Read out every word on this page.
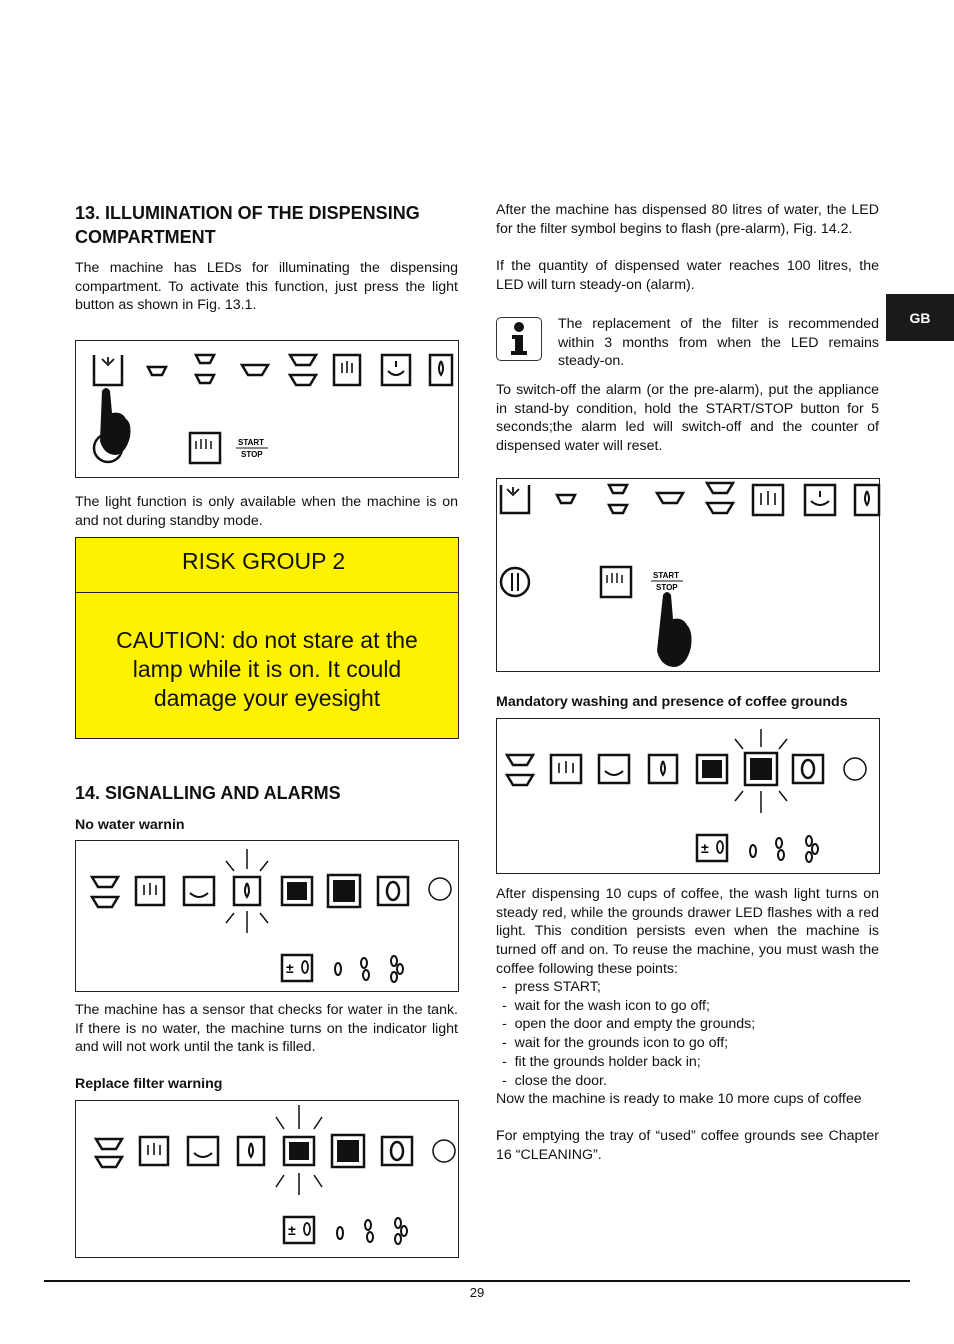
GB
13. ILLUMINATION OF THE DISPENSING
COMPARTMENT
The machine has LEDs for illuminating the dispensing compartment. To activate this function, just press the light button as shown in Fig. 13.1.
START
STOP
The light function is only available when the machine is on and not during standby mode.
RISK GROUP 2
CAUTION: do not stare at the
lamp while it is on. It could
damage your eyesight
14. SIGNALLING AND ALARMS
No water warnin
±
The machine has a sensor that checks for water in the tank. If there is no water, the machine turns on the indicator light and will not work until the tank is filled.
Replace filter warning
±
After the machine has dispensed 80 litres of water, the LED for the filter symbol begins to flash (pre-alarm), Fig. 14.2.
If the quantity of dispensed water reaches 100 litres, the LED will turn steady-on (alarm).
The replacement of the filter is recommended within 3 months from when the LED remains steady-on.
To switch-off the alarm (or the pre-alarm), put the appliance in stand-by condition, hold the START/STOP button for 5 seconds;the alarm led will switch-off and the counter of dispensed water will reset.
START
STOP
Mandatory washing and presence of coffee grounds
±
After dispensing 10 cups of coffee, the wash light turns on steady red, while the grounds drawer LED flashes with a red light. This condition persists even when the machine is turned off and on. To reuse the machine, you must wash the coffee following these points:
-  press START;
-  wait for the wash icon to go off;
-  open the door and empty the grounds;
-  wait for the grounds icon to go off;
-  fit the grounds holder back in;
-  close the door.
Now the machine is ready to make 10 more cups of coffee
For emptying the tray of “used” coffee grounds see Chapter 16 “CLEANING”.
29
